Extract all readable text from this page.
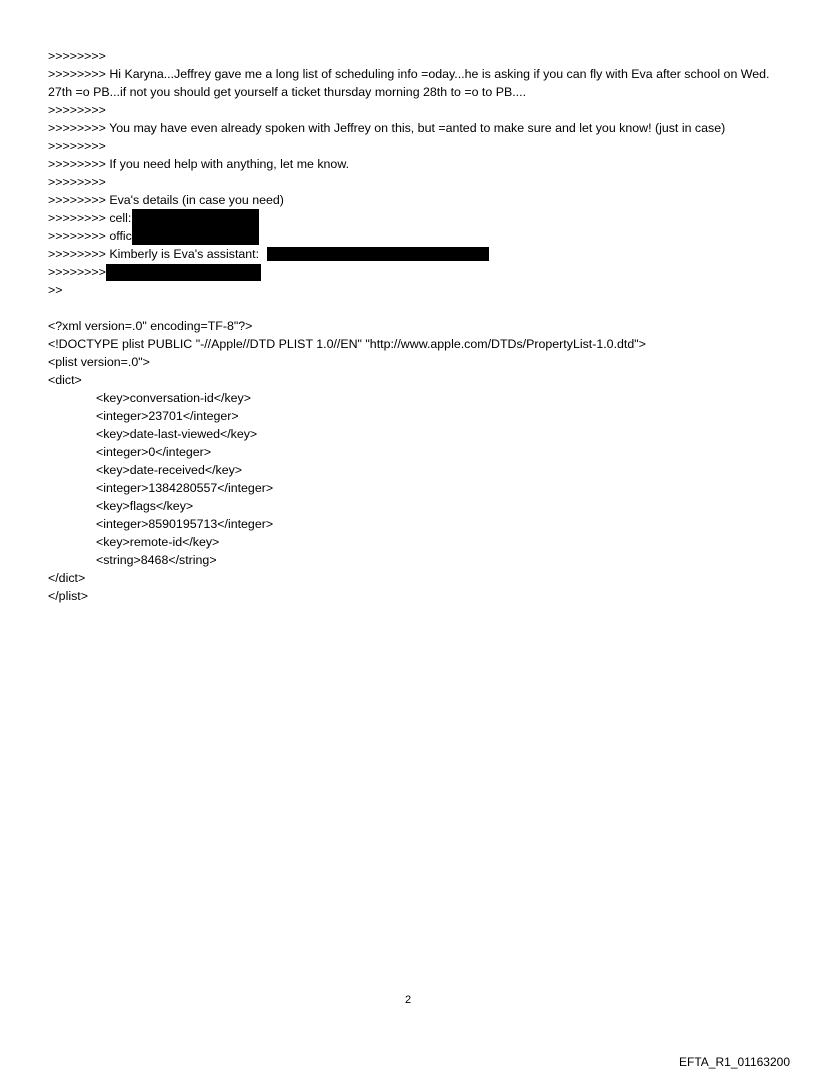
>>>>>>>>
>>>>>>>> Hi Karyna...Jeffrey gave me a long list of scheduling info =oday...he is asking if you can fly with Eva after school on Wed. 27th =o PB...if not you should get yourself a ticket thursday morning 28th to =o to PB....
>>>>>>>>
>>>>>>>> You may have even already spoken with Jeffrey on this, but =anted to make sure and let you know! (just in case)
>>>>>>>>
>>>>>>>> If you need help with anything, let me know.
>>>>>>>>
>>>>>>>> Eva's details (in case you need)
>>>>>>>> cell:
>>>>>>>> offic
>>>>>>>> Kimberly is Eva's assistant:
>>>>>>>>
>>
<?xml version=.0" encoding=TF-8"?>
<!DOCTYPE plist PUBLIC "-//Apple//DTD PLIST 1.0//EN" "http://www.apple.com/DTDs/PropertyList-1.0.dtd">
<plist version=.0">
<dict>
<key>conversation-id</key>
<integer>23701</integer>
<key>date-last-viewed</key>
<integer>0</integer>
<key>date-received</key>
<integer>1384280557</integer>
<key>flags</key>
<integer>8590195713</integer>
<key>remote-id</key>
<string>8468</string>
</dict>
</plist>
2
EFTA_R1_01163200
